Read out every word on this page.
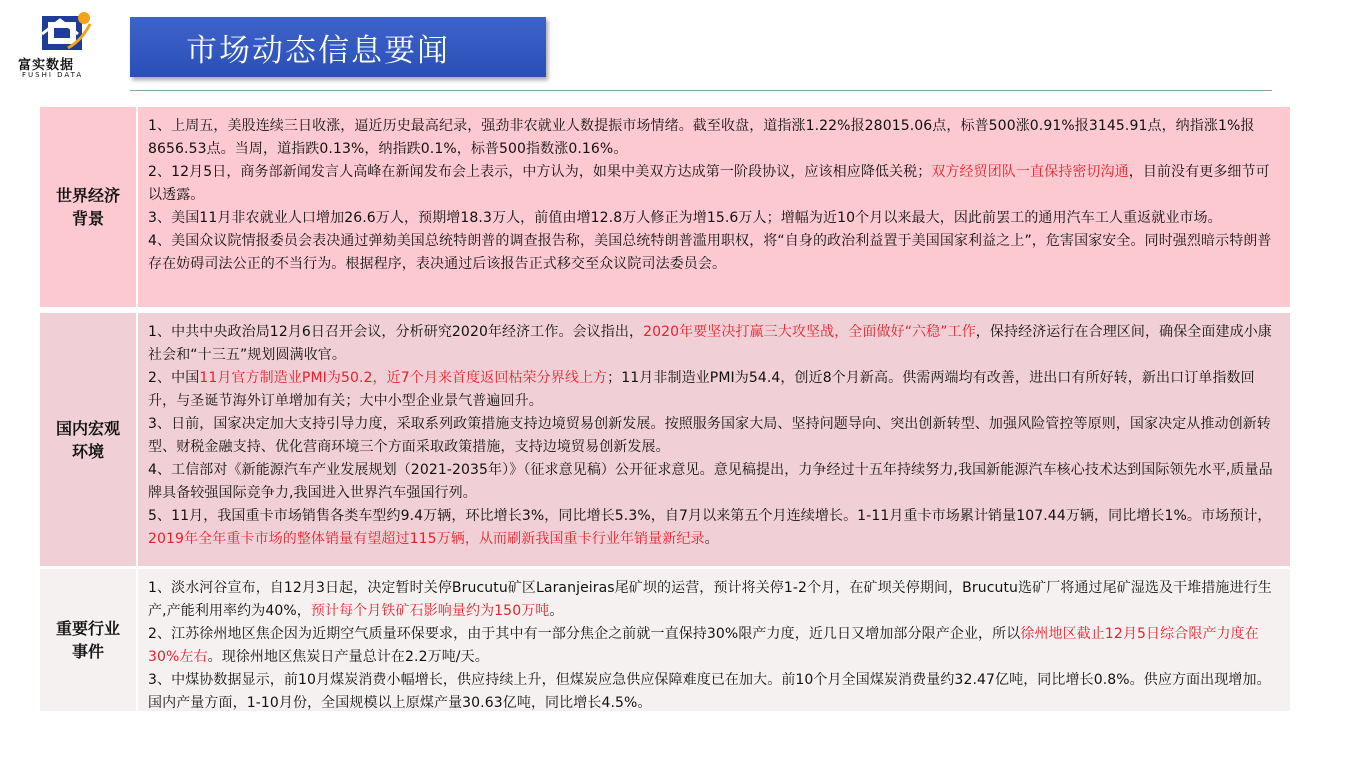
富实数据
FUSHI DATA
市场动态信息要闻
世界经济
背景

1、上周五，美股连续三日收涨，逼近历史最高纪录，强劲非农就业人数提振市场情绪。截至收盘，道指涨1.22%报28015.06点，标普500涨0.91%报3145.91点，纳指涨1%报8656.53点。当周，道指跌0.13%，纳指跌0.1%，标普500指数涨0.16%。

2、12月5日，商务部新闻发言人高峰在新闻发布会上表示，中方认为，如果中美双方达成第一阶段协议，应该相应降低关税；双方经贸团队一直保持密切沟通，目前没有更多细节可以透露。

3、美国11月非农就业人口增加26.6万人，预期增18.3万人，前值由增12.8万人修正为增15.6万人；增幅为近10个月以来最大，因此前罢工的通用汽车工人重返就业市场。

4、美国众议院情报委员会表决通过弹劾美国总统特朗普的调查报告称，美国总统特朗普滥用职权，将“自身的政治利益置于美国国家利益之上”，危害国家安全。同时强烈暗示特朗普存在妨碍司法公正的不当行为。根据程序，表决通过后该报告正式移交至众议院司法委员会。

国内宏观
环境

1、中共中央政治局12月6日召开会议，分析研究2020年经济工作。会议指出，2020年要坚决打赢三大攻坚战，全面做好“六稳”工作，保持经济运行在合理区间，确保全面建成小康社会和“十三五”规划圆满收官。

2、中国11月官方制造业PMI为50.2，近7个月来首度返回枯荣分界线上方；11月非制造业PMI为54.4，创近8个月新高。供需两端均有改善，进出口有所好转，新出口订单指数回升，与圣诞节海外订单增加有关；大中小型企业景气普遍回升。

3、日前，国家决定加大支持引导力度，采取系列政策措施支持边境贸易创新发展。按照服务国家大局、坚持问题导向、突出创新转型、加强风险管控等原则，国家决定从推动创新转型、财税金融支持、优化营商环境三个方面采取政策措施，支持边境贸易创新发展。

4、工信部对《新能源汽车产业发展规划（2021-2035年）》（征求意见稿）公开征求意见。意见稿提出，力争经过十五年持续努力,我国新能源汽车核心技术达到国际领先水平,质量品牌具备较强国际竞争力,我国进入世界汽车强国行列。

5、11月，我国重卡市场销售各类车型约9.4万辆，环比增长3%，同比增长5.3%，自7月以来第五个月连续增长。1-11月重卡市场累计销量107.44万辆，同比增长1%。市场预计，2019年全年重卡市场的整体销量有望超过115万辆，从而刷新我国重卡行业年销量新纪录。

重要行业
事件

1、淡水河谷宣布，自12月3日起，决定暂时关停Brucutu矿区Laranjeiras尾矿坝的运营，预计将关停1-2个月，在矿坝关停期间，Brucutu选矿厂将通过尾矿湿选及干堆措施进行生产,产能利用率约为40%，预计每个月铁矿石影响量约为150万吨。

2、江苏徐州地区焦企因为近期空气质量环保要求，由于其中有一部分焦企之前就一直保持30%限产力度，近几日又增加部分限产企业，所以徐州地区截止12月5日综合限产力度在30%左右。现徐州地区焦炭日产量总计在2.2万吨/天。

3、中煤协数据显示，前10月煤炭消费小幅增长，供应持续上升，但煤炭应急供应保障难度已在加大。前10个月全国煤炭消费量约32.47亿吨，同比增长0.8%。供应方面出现增加。国内产量方面，1-10月份，全国规模以上原煤产量30.63亿吨，同比增长4.5%。
